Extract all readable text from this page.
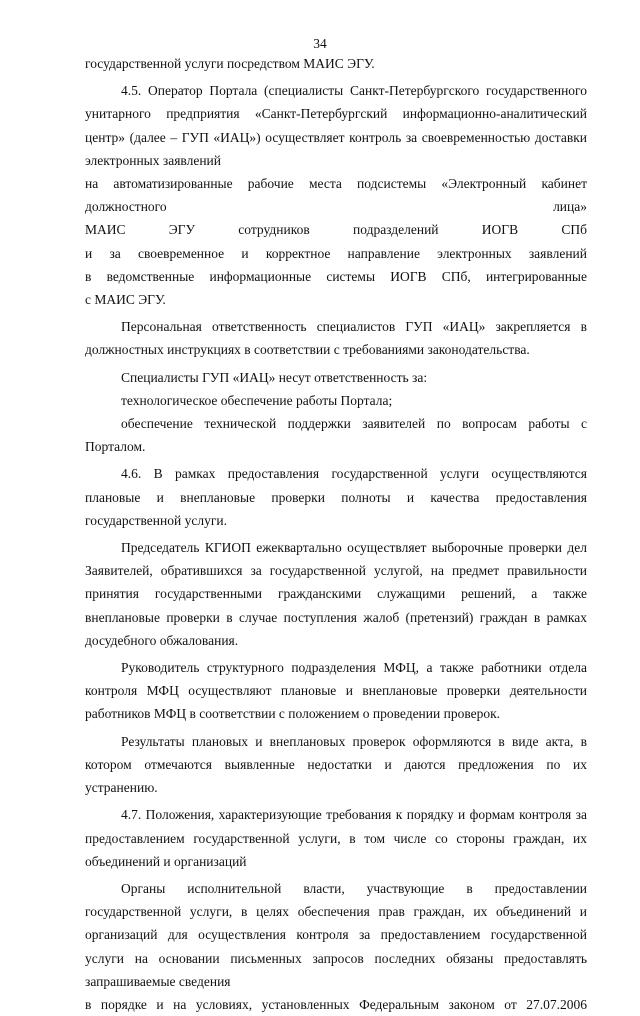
34

государственной услуги посредством МАИС ЭГУ.

4.5. Оператор Портала (специалисты Санкт-Петербургского государственного унитарного предприятия «Санкт-Петербургский информационно-аналитический центр» (далее – ГУП «ИАЦ») осуществляет контроль за своевременностью доставки электронных заявлений

на автоматизированные рабочие места подсистемы «Электронный кабинет должностного лица»

МАИС ЭГУ сотрудников подразделений ИОГВ СПб

и за своевременное и корректное направление электронных заявлений

в ведомственные информационные системы ИОГВ СПб, интегрированные

с МАИС ЭГУ.

Персональная ответственность специалистов ГУП «ИАЦ» закрепляется в должностных инструкциях в соответствии с требованиями законодательства.

Специалисты ГУП «ИАЦ» несут ответственность за:

технологическое обеспечение работы Портала;

обеспечение технической поддержки заявителей по вопросам работы с Порталом.

4.6. В рамках предоставления государственной услуги осуществляются плановые и внеплановые проверки полноты и качества предоставления государственной услуги.

Председатель КГИОП ежеквартально осуществляет выборочные проверки дел Заявителей, обратившихся за государственной услугой, на предмет правильности принятия государственными гражданскими служащими решений, а также внеплановые проверки в случае поступления жалоб (претензий) граждан в рамках досудебного обжалования.

Руководитель структурного подразделения МФЦ, а также работники отдела контроля МФЦ осуществляют плановые и внеплановые проверки деятельности работников МФЦ в соответствии с положением о проведении проверок.

Результаты плановых и внеплановых проверок оформляются в виде акта, в котором отмечаются выявленные недостатки и даются предложения по их устранению.

4.7. Положения, характеризующие требования к порядку и формам контроля за предоставлением государственной услуги, в том числе со стороны граждан, их объединений и организаций

Органы исполнительной власти, участвующие в предоставлении государственной услуги, в целях обеспечения прав граждан, их объединений и организаций для осуществления контроля за предоставлением государственной услуги на основании письменных запросов последних обязаны предоставлять запрашиваемые сведения

в порядке и на условиях, установленных Федеральным законом от 27.07.2006
